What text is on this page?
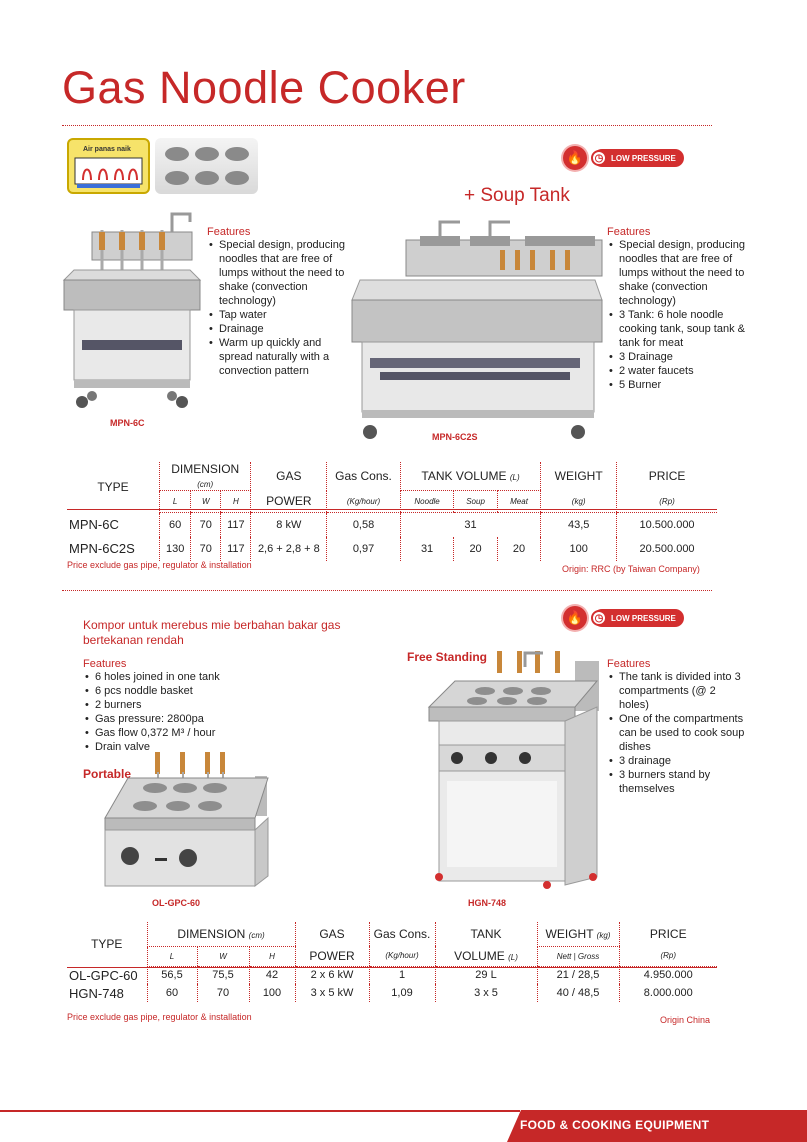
Gas Noodle Cooker
Air panas naik
🔥	◷ LOW PRESSURE
+ Soup Tank
MPN-6C
Features
• Special design, producing noodles that are free of lumps without the need to shake (convection technology)
• Tap water
• Drainage
• Warm up quickly and spread naturally with a convection pattern
MPN-6C2S
Features
• Special design, producing noodles that are free of lumps without the need to shake (convection technology)
• 3 Tank: 6 hole noodle cooking tank, soup tank & tank for meat
• 3 Drainage
• 2 water faucets
• 5 Burner
TYPE	DIMENSION (cm)			GAS	Gas Cons.	TANK VOLUME (L)			WEIGHT	PRICE
	L	W	H	POWER	(Kg/hour)	Noodle	Soup	Meat	(kg)	(Rp)
MPN-6C	60	70	117	8 kW	0,58	31			43,5	10.500.000
MPN-6C2S	130	70	117	2,6 + 2,8 + 8	0,97	31	20	20	100	20.500.000
Price exclude gas pipe, regulator & installation	Origin: RRC (by Taiwan Company)
Kompor untuk merebus mie berbahan bakar gas bertekanan rendah
🔥	◷ LOW PRESSURE
Features
• 6 holes joined in one tank
• 6 pcs noddle basket
• 2 burners
• Gas pressure: 2800pa
• Gas flow 0,372 M³ / hour
• Drain valve
Portable
Free Standing
OL-GPC-60	HGN-748
Features
• The tank is divided into 3 compartments (@ 2 holes)
• One of the compartments can be used to cook soup dishes
• 3 drainage
• 3 burners stand by themselves
TYPE	DIMENSION (cm)			GAS	Gas Cons.	TANK	WEIGHT (kg)	PRICE
	L	W	H	POWER	(Kg/hour)	VOLUME (L)	Nett | Gross	(Rp)
OL-GPC-60	56,5	75,5	42	2 x 6 kW	1	29 L	21 / 28,5	4.950.000
HGN-748	60	70	100	3 x 5 kW	1,09	3 x 5	40 / 48,5	8.000.000
Price exclude gas pipe, regulator & installation	Origin China
FOOD & COOKING EQUIPMENT
